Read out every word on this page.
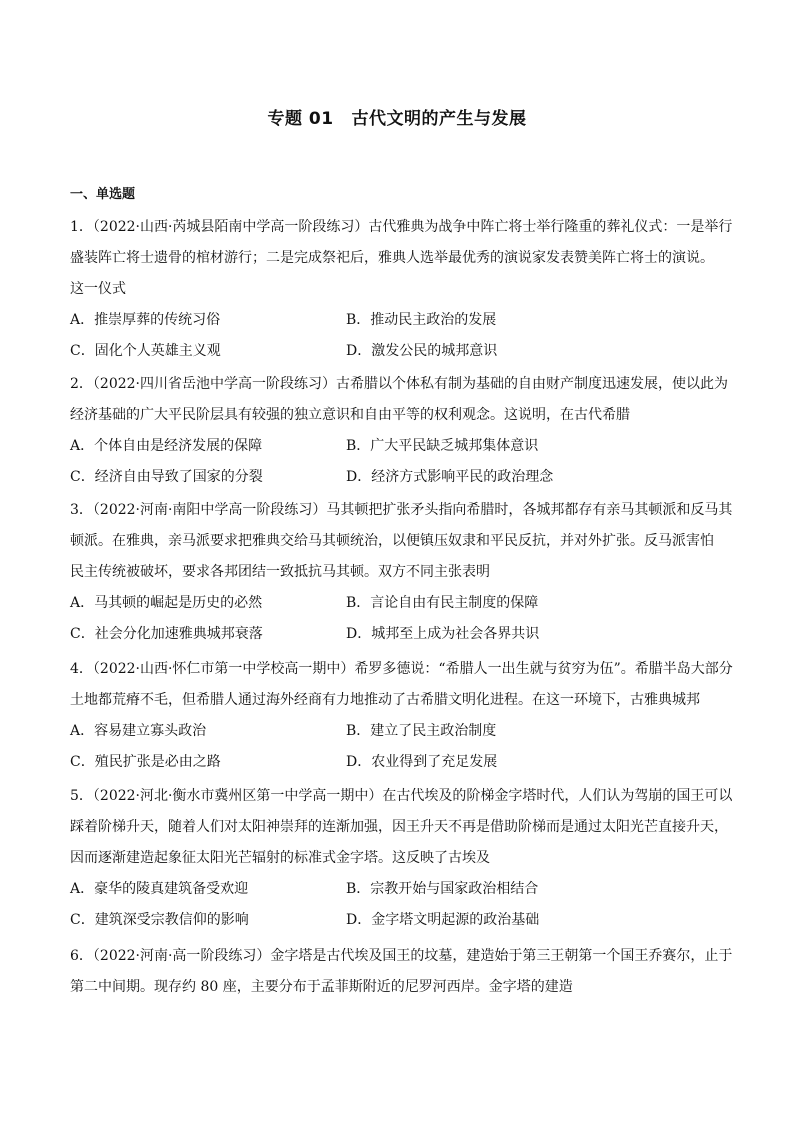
专题 01 古代文明的产生与发展
一、单选题

1．（2022·山西·芮城县陌南中学高一阶段练习）古代雅典为战争中阵亡将士举行隆重的葬礼仪式：一是举行

盛装阵亡将士遗骨的棺材游行；二是完成祭祀后，雅典人选举最优秀的演说家发表赞美阵亡将士的演说。

这一仪式

A．推崇厚葬的传统习俗	B．推动民主政治的发展
C．固化个人英雄主义观	D．激发公民的城邦意识

2．（2022·四川省岳池中学高一阶段练习）古希腊以个体私有制为基础的自由财产制度迅速发展，使以此为

经济基础的广大平民阶层具有较强的独立意识和自由平等的权利观念。这说明，在古代希腊

A．个体自由是经济发展的保障	B．广大平民缺乏城邦集体意识
C．经济自由导致了国家的分裂	D．经济方式影响平民的政治理念

3．（2022·河南·南阳中学高一阶段练习）马其顿把扩张矛头指向希腊时，各城邦都存有亲马其顿派和反马其

顿派。在雅典，亲马派要求把雅典交给马其顿统治，以便镇压奴隶和平民反抗，并对外扩张。反马派害怕

民主传统被破坏，要求各邦团结一致抵抗马其顿。双方不同主张表明

A．马其顿的崛起是历史的必然	B．言论自由有民主制度的保障
C．社会分化加速雅典城邦衰落	D．城邦至上成为社会各界共识

4．（2022·山西·怀仁市第一中学校高一期中）希罗多德说：“希腊人一出生就与贫穷为伍”。希腊半岛大部分

土地都荒瘠不毛，但希腊人通过海外经商有力地推动了古希腊文明化进程。在这一环境下，古雅典城邦

A．容易建立寡头政治	B．建立了民主政治制度
C．殖民扩张是必由之路	D．农业得到了充足发展

5．（2022·河北·衡水市冀州区第一中学高一期中）在古代埃及的阶梯金字塔时代，人们认为驾崩的国王可以

踩着阶梯升天，随着人们对太阳神崇拜的连渐加强，因王升天不再是借助阶梯而是通过太阳光芒直接升天，

因而逐渐建造起象征太阳光芒辐射的标准式金字塔。这反映了古埃及

A．豪华的陵真建筑备受欢迎	B．宗教开始与国家政治相结合
C．建筑深受宗教信仰的影响	D．金字塔文明起源的政治基础

6．（2022·河南·高一阶段练习）金字塔是古代埃及国王的坟墓，建造始于第三王朝第一个国王乔赛尔，止于

第二中间期。现存约 80 座，主要分布于孟菲斯附近的尼罗河西岸。金字塔的建造
